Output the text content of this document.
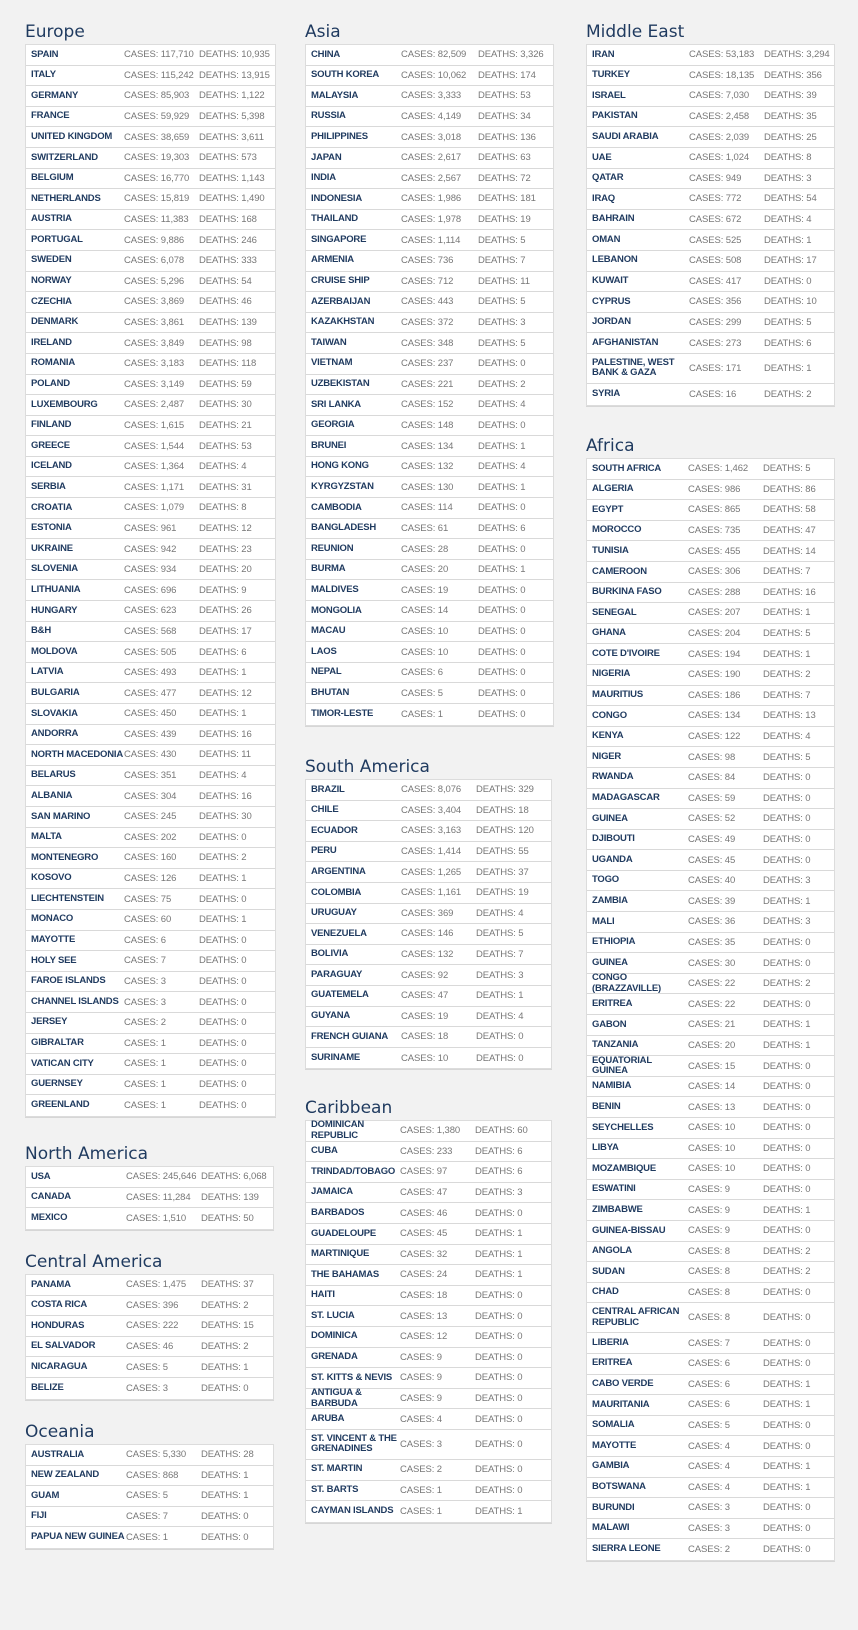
Europe
SPAIN	CASES: 117,710 DEATHS: 10,935
ITALY	CASES: 115,242 DEATHS: 13,915
GERMANY	CASES: 85,903	DEATHS: 1,122
FRANCE	CASES: 59,929	DEATHS: 5,398
UNITED KINGDOM	CASES: 38,659	DEATHS: 3,611
SWITZERLAND	CASES: 19,303	DEATHS: 573
BELGIUM	CASES: 16,770	DEATHS: 1,143
NETHERLANDS	CASES: 15,819	DEATHS: 1,490
AUSTRIA	CASES: 11,383	DEATHS: 168
PORTUGAL	CASES: 9,886	DEATHS: 246
SWEDEN	CASES: 6,078	DEATHS: 333
NORWAY	CASES: 5,296	DEATHS: 54
CZECHIA	CASES: 3,869	DEATHS: 46
DENMARK	CASES: 3,861	DEATHS: 139
IRELAND	CASES: 3,849	DEATHS: 98
ROMANIA	CASES: 3,183	DEATHS: 118
POLAND	CASES: 3,149	DEATHS: 59
LUXEMBOURG	CASES: 2,487	DEATHS: 30
FINLAND	CASES: 1,615	DEATHS: 21
GREECE	CASES: 1,544	DEATHS: 53
ICELAND	CASES: 1,364	DEATHS: 4
SERBIA	CASES: 1,171	DEATHS: 31
CROATIA	CASES: 1,079	DEATHS: 8
ESTONIA	CASES: 961	DEATHS: 12
UKRAINE	CASES: 942	DEATHS: 23
SLOVENIA	CASES: 934	DEATHS: 20
LITHUANIA	CASES: 696	DEATHS: 9
HUNGARY	CASES: 623	DEATHS: 26
B&H	CASES: 568	DEATHS: 17
MOLDOVA	CASES: 505	DEATHS: 6
LATVIA	CASES: 493	DEATHS: 1
BULGARIA	CASES: 477	DEATHS: 12
SLOVAKIA	CASES: 450	DEATHS: 1
ANDORRA	CASES: 439	DEATHS: 16
NORTH MACEDONIA CASES: 430	DEATHS: 11
BELARUS	CASES: 351	DEATHS: 4
ALBANIA	CASES: 304	DEATHS: 16
SAN MARINO	CASES: 245	DEATHS: 30
MALTA	CASES: 202	DEATHS: 0
MONTENEGRO	CASES: 160	DEATHS: 2
KOSOVO	CASES: 126	DEATHS: 1
LIECHTENSTEIN	CASES: 75	DEATHS: 0
MONACO	CASES: 60	DEATHS: 1
MAYOTTE	CASES: 6	DEATHS: 0
HOLY SEE	CASES: 7	DEATHS: 0
FAROE ISLANDS	CASES: 3	DEATHS: 0
CHANNEL ISLANDS CASES: 3	DEATHS: 0
JERSEY	CASES: 2	DEATHS: 0
GIBRALTAR	CASES: 1	DEATHS: 0
VATICAN CITY	CASES: 1	DEATHS: 0
GUERNSEY	CASES: 1	DEATHS: 0
GREENLAND	CASES: 1	DEATHS: 0
North America
USA	CASES: 245,646 DEATHS: 6,068
CANADA	CASES: 11,284	DEATHS: 139
MEXICO	CASES: 1,510	DEATHS: 50
Central America
PANAMA	CASES: 1,475	DEATHS: 37
COSTA RICA	CASES: 396	DEATHS: 2
HONDURAS	CASES: 222	DEATHS: 15
EL SALVADOR	CASES: 46	DEATHS: 2
NICARAGUA	CASES: 5	DEATHS: 1
BELIZE	CASES: 3	DEATHS: 0
Oceania
AUSTRALIA	CASES: 5,330	DEATHS: 28
NEW ZEALAND	CASES: 868	DEATHS: 1
GUAM	CASES: 5	DEATHS: 1
FIJI	CASES: 7	DEATHS: 0
PAPUA NEW GUINEA CASES: 1	DEATHS: 0
Asia
CHINA	CASES: 82,509	DEATHS: 3,326
SOUTH KOREA	CASES: 10,062	DEATHS: 174
MALAYSIA	CASES: 3,333	DEATHS: 53
RUSSIA	CASES: 4,149	DEATHS: 34
PHILIPPINES	CASES: 3,018	DEATHS: 136
JAPAN	CASES: 2,617	DEATHS: 63
INDIA	CASES: 2,567	DEATHS: 72
INDONESIA	CASES: 1,986	DEATHS: 181
THAILAND	CASES: 1,978	DEATHS: 19
SINGAPORE	CASES: 1,114	DEATHS: 5
ARMENIA	CASES: 736	DEATHS: 7
CRUISE SHIP	CASES: 712	DEATHS: 11
AZERBAIJAN	CASES: 443	DEATHS: 5
KAZAKHSTAN	CASES: 372	DEATHS: 3
TAIWAN	CASES: 348	DEATHS: 5
VIETNAM	CASES: 237	DEATHS: 0
UZBEKISTAN	CASES: 221	DEATHS: 2
SRI LANKA	CASES: 152	DEATHS: 4
GEORGIA	CASES: 148	DEATHS: 0
BRUNEI	CASES: 134	DEATHS: 1
HONG KONG	CASES: 132	DEATHS: 4
KYRGYZSTAN	CASES: 130	DEATHS: 1
CAMBODIA	CASES: 114	DEATHS: 0
BANGLADESH	CASES: 61	DEATHS: 6
REUNION	CASES: 28	DEATHS: 0
BURMA	CASES: 20	DEATHS: 1
MALDIVES	CASES: 19	DEATHS: 0
MONGOLIA	CASES: 14	DEATHS: 0
MACAU	CASES: 10	DEATHS: 0
LAOS	CASES: 10	DEATHS: 0
NEPAL	CASES: 6	DEATHS: 0
BHUTAN	CASES: 5	DEATHS: 0
TIMOR-LESTE	CASES: 1	DEATHS: 0
South America
BRAZIL	CASES: 8,076	DEATHS: 329
CHILE	CASES: 3,404	DEATHS: 18
ECUADOR	CASES: 3,163	DEATHS: 120
PERU	CASES: 1,414	DEATHS: 55
ARGENTINA	CASES: 1,265	DEATHS: 37
COLOMBIA	CASES: 1,161	DEATHS: 19
URUGUAY	CASES: 369	DEATHS: 4
VENEZUELA	CASES: 146	DEATHS: 5
BOLIVIA	CASES: 132	DEATHS: 7
PARAGUAY	CASES: 92	DEATHS: 3
GUATEMELA	CASES: 47	DEATHS: 1
GUYANA	CASES: 19	DEATHS: 4
FRENCH GUIANA	CASES: 18	DEATHS: 0
SURINAME	CASES: 10	DEATHS: 0
Caribbean
DOMINICAN REPUBLIC	CASES: 1,380	DEATHS: 60
CUBA	CASES: 233	DEATHS: 6
TRINDAD/TOBAGO CASES: 97	DEATHS: 6
JAMAICA	CASES: 47	DEATHS: 3
BARBADOS	CASES: 46	DEATHS: 0
GUADELOUPE	CASES: 45	DEATHS: 1
MARTINIQUE	CASES: 32	DEATHS: 1
THE BAHAMAS	CASES: 24	DEATHS: 1
HAITI	CASES: 18	DEATHS: 0
ST. LUCIA	CASES: 13	DEATHS: 0
DOMINICA	CASES: 12	DEATHS: 0
GRENADA	CASES: 9	DEATHS: 0
ST. KITTS & NEVIS CASES: 9	DEATHS: 0
ANTIGUA & BARBUDA	CASES: 9	DEATHS: 0
ARUBA	CASES: 4	DEATHS: 0
ST. VINCENT & THE GRENADINES	CASES: 3	DEATHS: 0
ST. MARTIN	CASES: 2	DEATHS: 0
ST. BARTS	CASES: 1	DEATHS: 0
CAYMAN ISLANDS CASES: 1	DEATHS: 1
Middle East
IRAN	CASES: 53,183	DEATHS: 3,294
TURKEY	CASES: 18,135	DEATHS: 356
ISRAEL	CASES: 7,030	DEATHS: 39
PAKISTAN	CASES: 2,458	DEATHS: 35
SAUDI ARABIA	CASES: 2,039	DEATHS: 25
UAE	CASES: 1,024	DEATHS: 8
QATAR	CASES: 949	DEATHS: 3
IRAQ	CASES: 772	DEATHS: 54
BAHRAIN	CASES: 672	DEATHS: 4
OMAN	CASES: 525	DEATHS: 1
LEBANON	CASES: 508	DEATHS: 17
KUWAIT	CASES: 417	DEATHS: 0
CYPRUS	CASES: 356	DEATHS: 10
JORDAN	CASES: 299	DEATHS: 5
AFGHANISTAN	CASES: 273	DEATHS: 6
PALESTINE, WEST BANK & GAZA	CASES: 171	DEATHS: 1
SYRIA	CASES: 16	DEATHS: 2
Africa
SOUTH AFRICA	CASES: 1,462	DEATHS: 5
ALGERIA	CASES: 986	DEATHS: 86
EGYPT	CASES: 865	DEATHS: 58
MOROCCO	CASES: 735	DEATHS: 47
TUNISIA	CASES: 455	DEATHS: 14
CAMEROON	CASES: 306	DEATHS: 7
BURKINA FASO	CASES: 288	DEATHS: 16
SENEGAL	CASES: 207	DEATHS: 1
GHANA	CASES: 204	DEATHS: 5
COTE D'IVOIRE	CASES: 194	DEATHS: 1
NIGERIA	CASES: 190	DEATHS: 2
MAURITIUS	CASES: 186	DEATHS: 7
CONGO	CASES: 134	DEATHS: 13
KENYA	CASES: 122	DEATHS: 4
NIGER	CASES: 98	DEATHS: 5
RWANDA	CASES: 84	DEATHS: 0
MADAGASCAR	CASES: 59	DEATHS: 0
GUINEA	CASES: 52	DEATHS: 0
DJIBOUTI	CASES: 49	DEATHS: 0
UGANDA	CASES: 45	DEATHS: 0
TOGO	CASES: 40	DEATHS: 3
ZAMBIA	CASES: 39	DEATHS: 1
MALI	CASES: 36	DEATHS: 3
ETHIOPIA	CASES: 35	DEATHS: 0
GUINEA	CASES: 30	DEATHS: 0
CONGO (BRAZZAVILLE)	CASES: 22	DEATHS: 2
ERITREA	CASES: 22	DEATHS: 0
GABON	CASES: 21	DEATHS: 1
TANZANIA	CASES: 20	DEATHS: 1
EQUATORIAL GUINEA	CASES: 15	DEATHS: 0
NAMIBIA	CASES: 14	DEATHS: 0
BENIN	CASES: 13	DEATHS: 0
SEYCHELLES	CASES: 10	DEATHS: 0
LIBYA	CASES: 10	DEATHS: 0
MOZAMBIQUE	CASES: 10	DEATHS: 0
ESWATINI	CASES: 9	DEATHS: 0
ZIMBABWE	CASES: 9	DEATHS: 1
GUINEA-BISSAU	CASES: 9	DEATHS: 0
ANGOLA	CASES: 8	DEATHS: 2
SUDAN	CASES: 8	DEATHS: 2
CHAD	CASES: 8	DEATHS: 0
CENTRAL AFRICAN REPUBLIC	CASES: 8	DEATHS: 0
LIBERIA	CASES: 7	DEATHS: 0
ERITREA	CASES: 6	DEATHS: 0
CABO VERDE	CASES: 6	DEATHS: 1
MAURITANIA	CASES: 6	DEATHS: 1
SOMALIA	CASES: 5	DEATHS: 0
MAYOTTE	CASES: 4	DEATHS: 0
GAMBIA	CASES: 4	DEATHS: 1
BOTSWANA	CASES: 4	DEATHS: 1
BURUNDI	CASES: 3	DEATHS: 0
MALAWI	CASES: 3	DEATHS: 0
SIERRA LEONE	CASES: 2	DEATHS: 0
